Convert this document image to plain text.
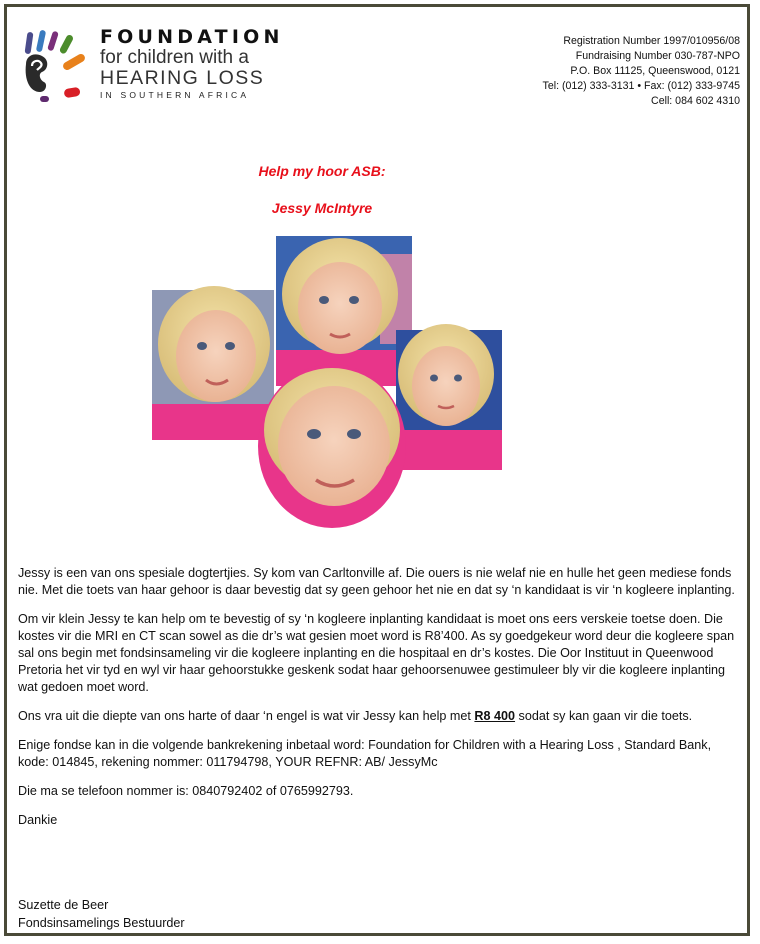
FOUNDATION
for children with a
HEARING LOSS
IN SOUTHERN AFRICA
Registration Number 1997/010956/08
Fundraising Number 030-787-NPO
P.O. Box 11125, Queenswood, 0121
Tel: (012) 333-3131 • Fax: (012) 333-9745
Cell: 084 602 4310
Help my hoor ASB:
Jessy McIntyre

Jessy is een van ons spesiale dogtertjies. Sy kom van Carltonville af. Die ouers is nie welaf nie en hulle het geen mediese fonds nie. Met die toets van haar gehoor is daar bevestig dat sy geen gehoor het nie en dat sy ‘n kandidaat is vir ‘n kogleere inplanting.

Om vir klein Jessy te kan help om te bevestig of sy ‘n kogleere inplanting kandidaat is moet ons eers verskeie toetse doen. Die kostes vir die MRI en CT scan sowel as die dr’s wat gesien moet word is R8’400. As sy goedgekeur word deur die kogleere span sal ons begin met fondsinsameling vir die kogleere inplanting en die hospitaal en dr’s kostes. Die Oor Instituut in Queenwood Pretoria het vir tyd en wyl vir haar gehoorstukke geskenk sodat haar gehoorsenuwee gestimuleer bly vir die kogleere inplanting wat gedoen moet word.

Ons vra uit die diepte van ons harte of daar ‘n engel is wat vir Jessy kan help met R8 400 sodat sy kan gaan vir die toets.

Enige fondse kan in die volgende bankrekening inbetaal word: Foundation for Children with a Hearing Loss , Standard Bank, kode: 014845, rekening nommer: 011794798, YOUR REFNR: AB/ JessyMc

Die ma se telefoon nommer is: 0840792402 of 0765992793.

Dankie

Suzette de Beer
Fondsinsamelings Bestuurder
